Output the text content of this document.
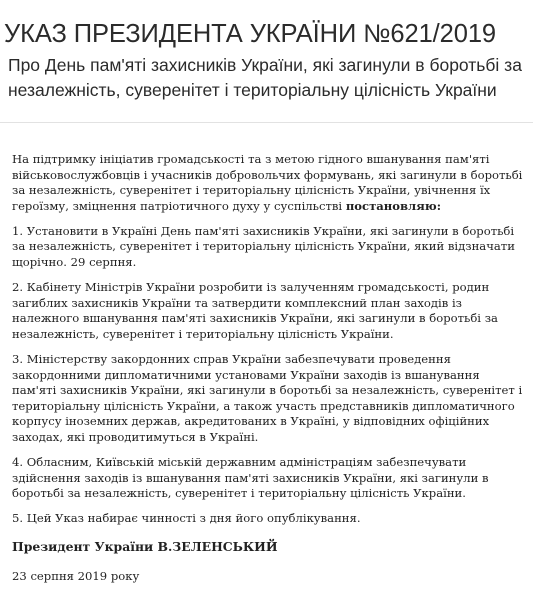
УКАЗ ПРЕЗИДЕНТА УКРАЇНИ №621/2019
Про День пам'яті захисників України, які загинули в боротьбі за незалежність, суверенітет і територіальну цілісність України

На підтримку ініціатив громадськості та з метою гідного вшанування пам'яті військовослужбовців і учасників добровольчих формувань, які загинули в боротьбі за незалежність, суверенітет і територіальну цілісність України, увічнення їх героїзму, зміцнення патріотичного духу у суспільстві постановляю:

1. Установити в Україні День пам'яті захисників України, які загинули в боротьбі за незалежність, суверенітет і територіальну цілісність України, який відзначати щорічно. 29 серпня.

2. Кабінету Міністрів України розробити із залученням громадськості, родин загиблих захисників України та затвердити комплексний план заходів із належного вшанування пам'яті захисників України, які загинули в боротьбі за незалежність, суверенітет і територіальну цілісність України.

3. Міністерству закордонних справ України забезпечувати проведення закордонними дипломатичними установами України заходів із вшанування пам'яті захисників України, які загинули в боротьбі за незалежність, суверенітет і територіальну цілісність України, а також участь представників дипломатичного корпусу іноземних держав, акредитованих в Україні, у відповідних офіційних заходах, які проводитимуться в Україні.

4. Обласним, Київській міській державним адміністраціям забезпечувати здійснення заходів із вшанування пам'яті захисників України, які загинули в боротьбі за незалежність, суверенітет і територіальну цілісність України.

5. Цей Указ набирає чинності з дня його опублікування.

Президент України В.ЗЕЛЕНСЬКИЙ

23 серпня 2019 року
